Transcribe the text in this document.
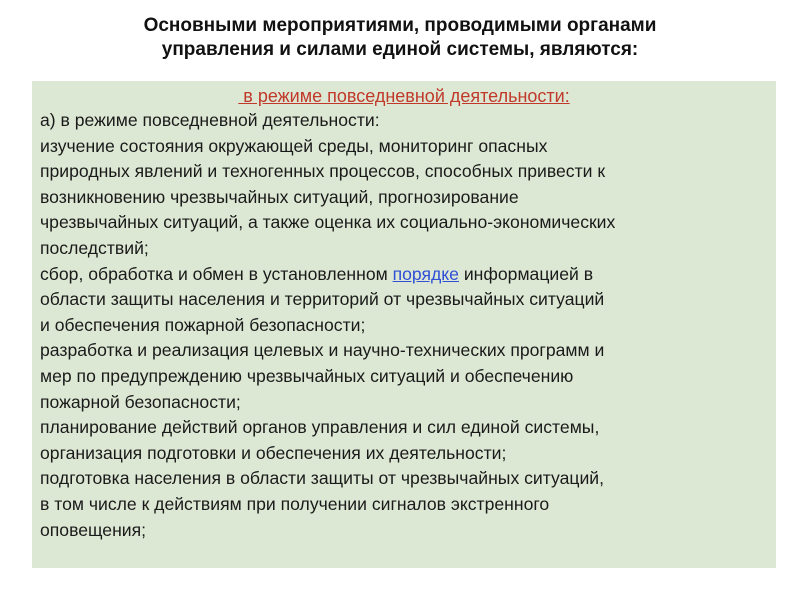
Основными мероприятиями, проводимыми органами
управления и силами единой системы, являются:
в режиме повседневной деятельности:
а) в режиме повседневной деятельности:
изучение состояния окружающей среды, мониторинг опасных
природных явлений и техногенных процессов, способных привести к
возникновению чрезвычайных ситуаций, прогнозирование
чрезвычайных ситуаций, а также оценка их социально-экономических
последствий;
сбор, обработка и обмен в установленном порядке информацией в
области защиты населения и территорий от чрезвычайных ситуаций
и обеспечения пожарной безопасности;
разработка и реализация целевых и научно-технических программ и
мер по предупреждению чрезвычайных ситуаций и обеспечению
пожарной безопасности;
планирование действий органов управления и сил единой системы,
организация подготовки и обеспечения их деятельности;
подготовка населения в области защиты от чрезвычайных ситуаций,
в том числе к действиям при получении сигналов экстренного
оповещения;
